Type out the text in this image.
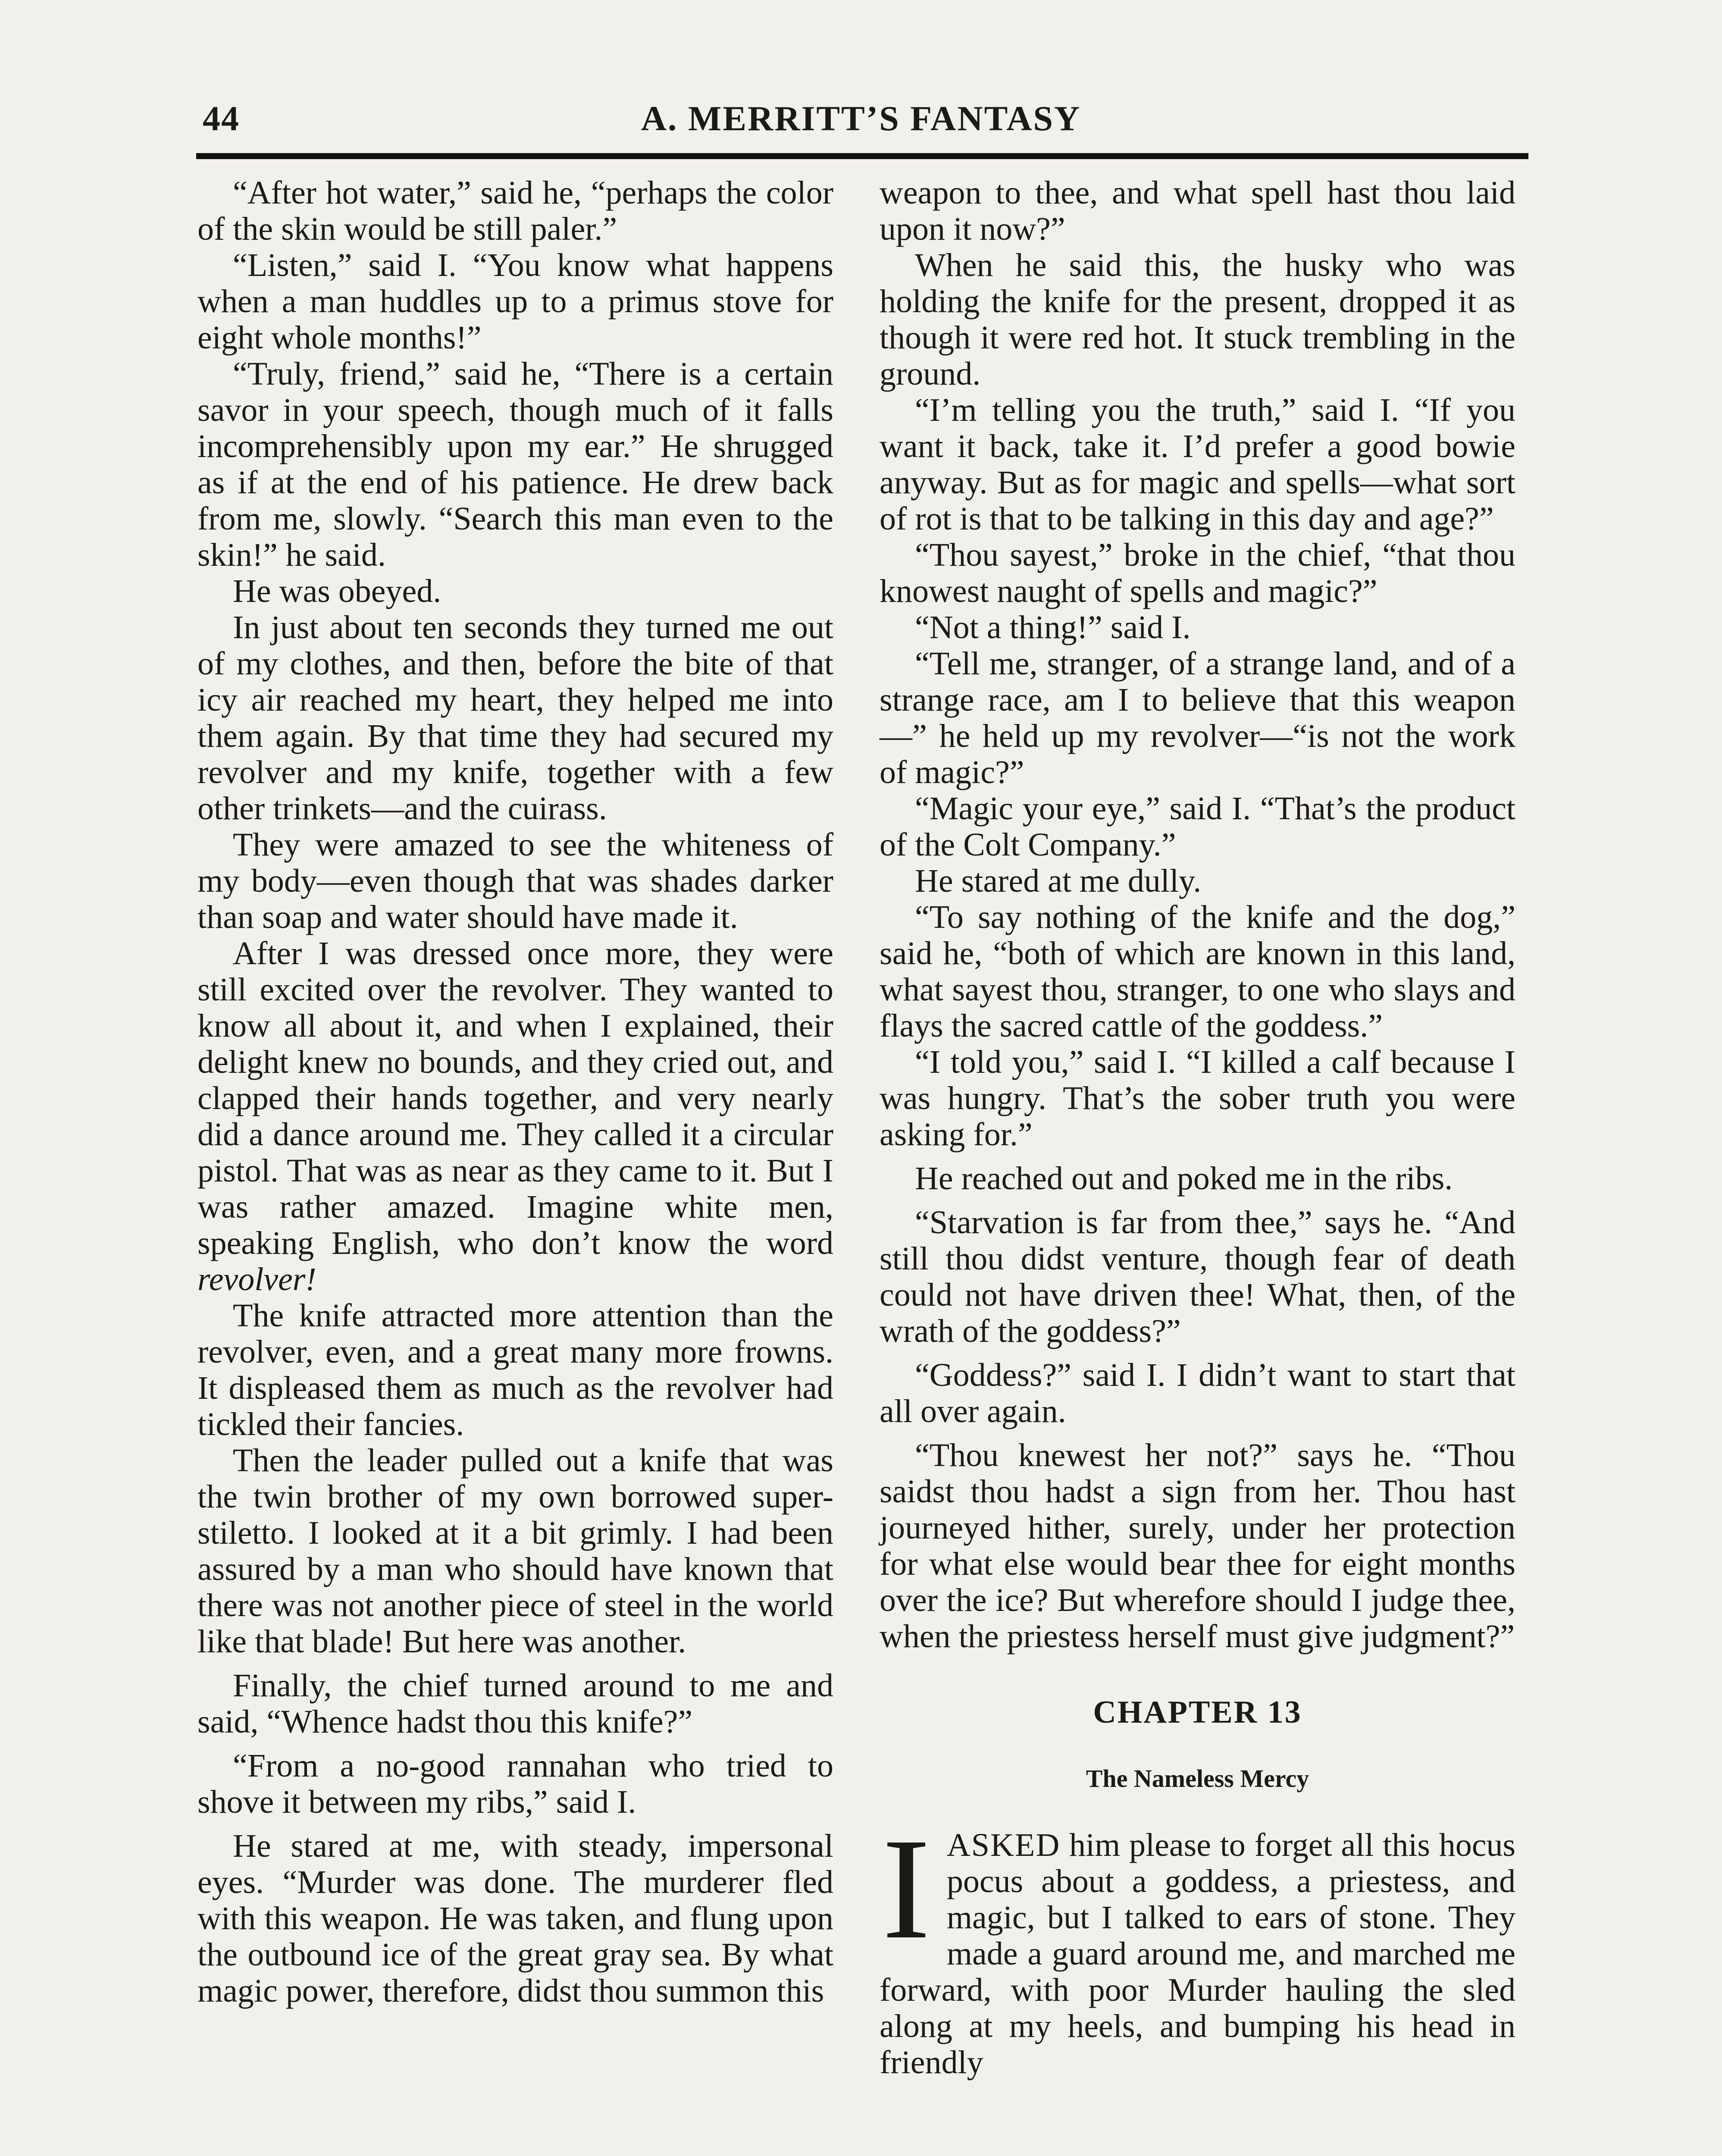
44	A. MERRITT’S FANTASY

“After hot water,” said he, “perhaps the color of the skin would be still paler.”

“Listen,” said I. “You know what happens when a man huddles up to a primus stove for eight whole months!”

“Truly, friend,” said he, “There is a certain savor in your speech, though much of it falls incomprehensibly upon my ear.” He shrugged as if at the end of his patience. He drew back from me, slowly. “Search this man even to the skin!” he said.

He was obeyed.

In just about ten seconds they turned me out of my clothes, and then, before the bite of that icy air reached my heart, they helped me into them again. By that time they had secured my revolver and my knife, together with a few other trinkets—and the cuirass.

They were amazed to see the whiteness of my body—even though that was shades darker than soap and water should have made it.

After I was dressed once more, they were still excited over the revolver. They wanted to know all about it, and when I explained, their delight knew no bounds, and they cried out, and clapped their hands together, and very nearly did a dance around me. They called it a circular pistol. That was as near as they came to it. But I was rather amazed. Imagine white men, speaking English, who don’t know the word revolver!

The knife attracted more attention than the revolver, even, and a great many more frowns. It displeased them as much as the revolver had tickled their fancies.

Then the leader pulled out a knife that was the twin brother of my own borrowed super-stiletto. I looked at it a bit grimly. I had been assured by a man who should have known that there was not another piece of steel in the world like that blade! But here was another.

Finally, the chief turned around to me and said, “Whence hadst thou this knife?”

“From a no-good rannahan who tried to shove it between my ribs,” said I.

He stared at me, with steady, impersonal eyes. “Murder was done. The murderer fled with this weapon. He was taken, and flung upon the outbound ice of the great gray sea. By what magic power, therefore, didst thou summon this

weapon to thee, and what spell hast thou laid upon it now?”

When he said this, the husky who was holding the knife for the present, dropped it as though it were red hot. It stuck trembling in the ground.

“I’m telling you the truth,” said I. “If you want it back, take it. I’d prefer a good bowie anyway. But as for magic and spells—what sort of rot is that to be talking in this day and age?”

“Thou sayest,” broke in the chief, “that thou knowest naught of spells and magic?”

“Not a thing!” said I.

“Tell me, stranger, of a strange land, and of a strange race, am I to believe that this weapon—” he held up my revolver—“is not the work of magic?”

“Magic your eye,” said I. “That’s the product of the Colt Company.”

He stared at me dully.

“To say nothing of the knife and the dog,” said he, “both of which are known in this land, what sayest thou, stranger, to one who slays and flays the sacred cattle of the goddess.”

“I told you,” said I. “I killed a calf because I was hungry. That’s the sober truth you were asking for.”

He reached out and poked me in the ribs.

“Starvation is far from thee,” says he. “And still thou didst venture, though fear of death could not have driven thee! What, then, of the wrath of the goddess?”

“Goddess?” said I. I didn’t want to start that all over again.

“Thou knewest her not?” says he. “Thou saidst thou hadst a sign from her. Thou hast journeyed hither, surely, under her protection for what else would bear thee for eight months over the ice? But wherefore should I judge thee, when the priestess herself must give judgment?”

CHAPTER 13
The Nameless Mercy

IASKED him please to forget all this hocus pocus about a goddess, a priestess, and magic, but I talked to ears of stone. They made a guard around me, and marched me forward, with poor Murder hauling the sled along at my heels, and bumping his head in friendly
